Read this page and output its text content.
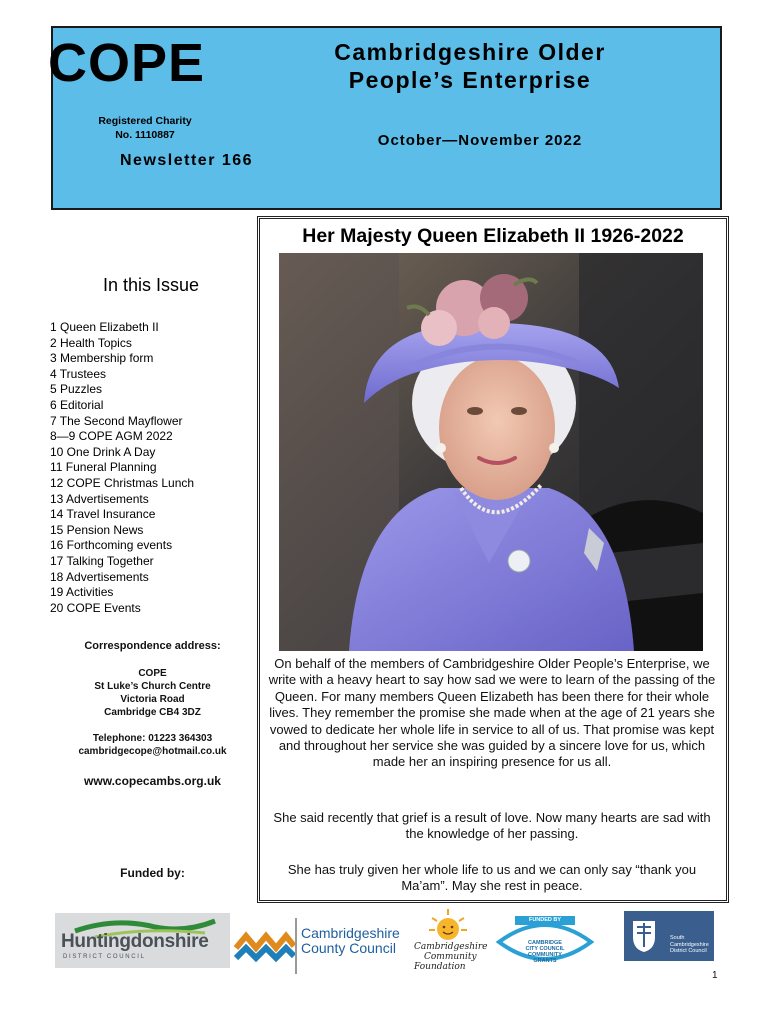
COPE	Cambridgeshire Older
People’s Enterprise
Registered Charity
No. 1110887	October—November 2022
Newsletter 166
In this Issue
1 Queen Elizabeth II
2 Health Topics
3 Membership form
4 Trustees
5 Puzzles
6 Editorial
7 The Second Mayflower
8—9 COPE AGM 2022
10 One Drink A Day
11 Funeral Planning
12 COPE Christmas Lunch
13 Advertisements
14 Travel Insurance
15 Pension News
16 Forthcoming events
17 Talking Together
18 Advertisements
19 Activities
20 COPE Events
Correspondence address:
COPE
St Luke’s Church Centre
Victoria Road
Cambridge CB4 3DZ
Telephone: 01223 364303
cambridgecope@hotmail.co.uk
www.copecambs.org.uk
Funded by:
Her Majesty Queen Elizabeth II 1926-2022
On behalf of the members of Cambridgeshire Older People’s Enterprise, we write with a heavy heart to say how sad we were to learn of the passing of the Queen. For many members Queen Elizabeth has been there for their whole lives. They remember the promise she made when at the age of 21 years she vowed to dedicate her whole life in service to all of us. That promise was kept and throughout her service she was guided by a sincere love for us, which made her an inspiring presence for us all.
She said recently that grief is a result of love. Now many hearts are sad with the knowledge of her passing.
She has truly given her whole life to us and we can only say “thank you Ma’am”. May she rest in peace.
Huntingdonshire
D I S T R I C T   C O U N C I L
Cambridgeshire
County Council	Cambridgeshire
Community
Foundation
FUNDED BY
CAMBRIDGE
CITY COUNCIL
COMMUNITY
GRANTS
South
Cambridgeshire
District Council
1
